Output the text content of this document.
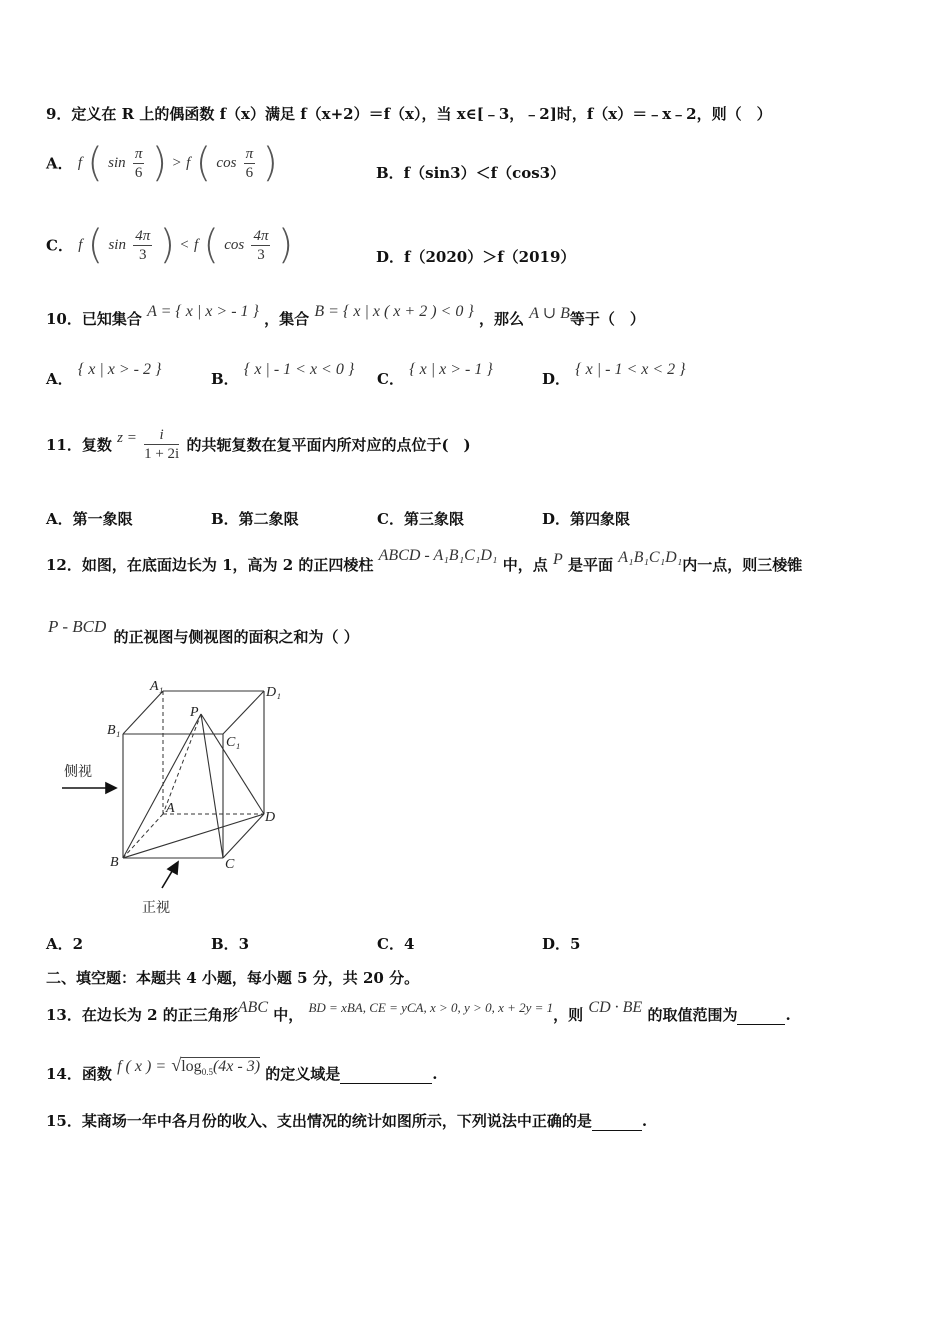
9．定义在 R 上的偶函数 f（x）满足 f（x+2）＝f（x），当 x∈[﹣3，﹣2]时，f（x）＝﹣x﹣2，则（　）
A． f ( $\sin \frac{\pi}{6}$ ) > f ( $\cos \frac{\pi}{6}$ )	B．f（sin3）＜f（cos3）
C． f ( $\sin \frac{4\pi}{3}$ ) < f ( $\cos \frac{4\pi}{3}$ )	D．f（2020）＞f（2019）
10．已知集合 A = { x | x > - 1 } ，集合 B = { x | x ( x + 2 ) < 0 } ，那么 A ∪ B等于（　）
A． { x | x > - 2 }
B． { x | - 1 < x < 0 }
C． { x | x > - 1 }
D． { x | - 1 < x < 2 }
11．复数 $z = \frac{i}{1 + 2i}$ 的共轭复数在复平面内所对应的点位于(　)
A．第一象限	B．第二象限	C．第三象限	D．第四象限
12．如图，在底面边长为 1，高为 2 的正四棱柱 ABCD - A₁B₁C₁D₁ 中，点 P 是平面 A₁B₁C₁D₁内一点，则三棱锥
P - BCD 的正视图与侧视图的面积之和为（ ）
A₁	D₁
B₁
P
C₁
A
D
B	C
侧视
正视
A．2	B．3	C．4	D．5
二、填空题：本题共 4 小题，每小题 5 分，共 20 分。
13．在边长为 2 的正三角形ABC 中， BD = xBA, CE = yCA, x > 0, y > 0, x + 2y = 1，则 CD · BE 的取值范围为	.
14．函数 f ( x ) = $√\log_{0.5}(4x - 3)$ 的定义域是	.
15．某商场一年中各月份的收入、支出情况的统计如图所示，下列说法中正确的是	.
